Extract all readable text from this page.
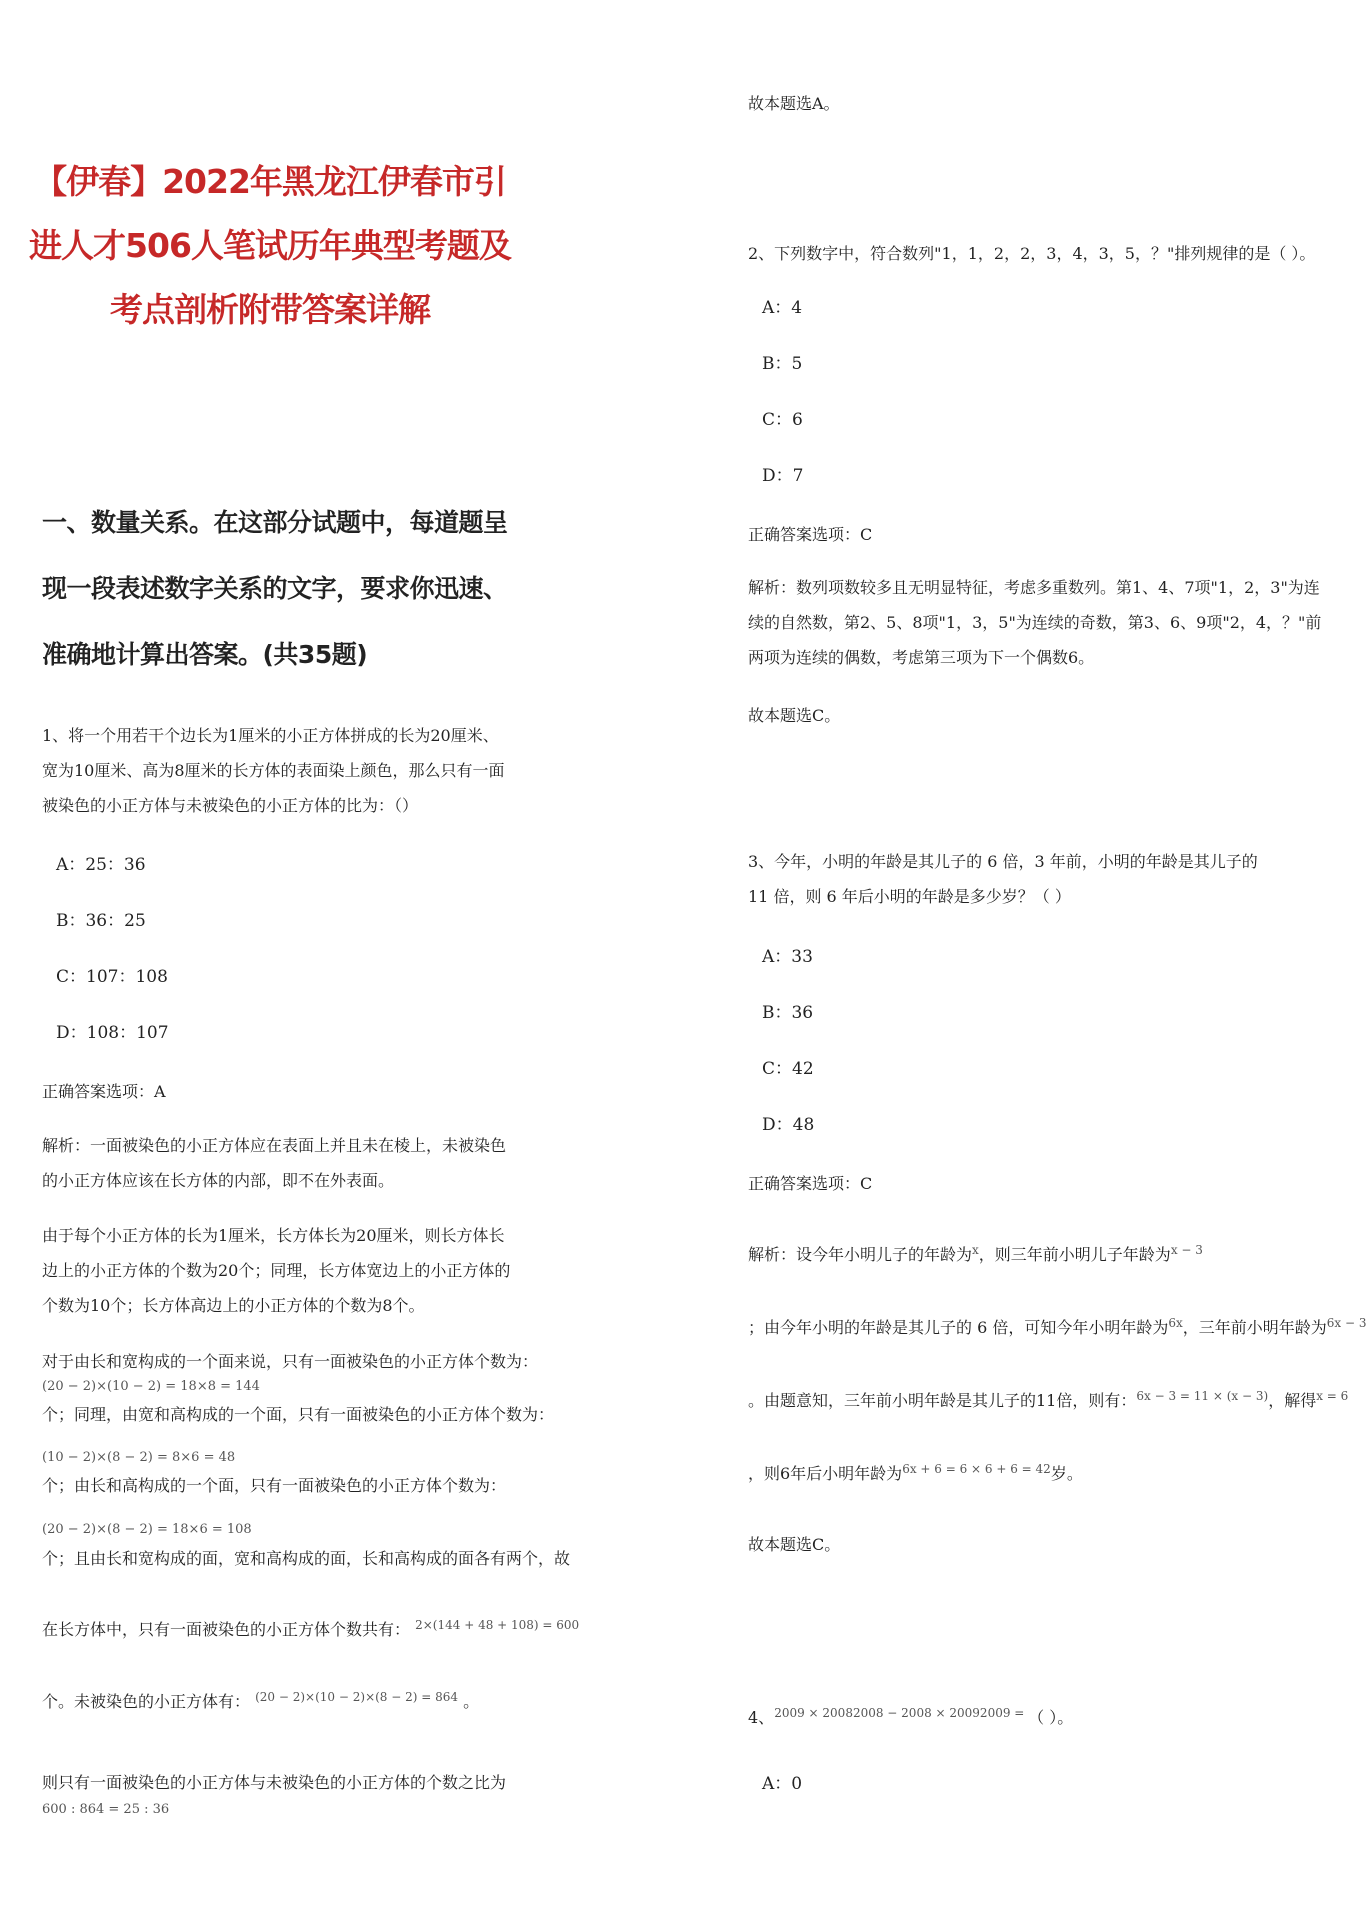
【伊春】2022年黑龙江伊春市引进人才506人笔试历年典型考题及考点剖析附带答案详解
一、数量关系。在这部分试题中，每道题呈现一段表述数字关系的文字，要求你迅速、准确地计算出答案。(共35题)
1、将一个用若干个边长为1厘米的小正方体拼成的长为20厘米、宽为10厘米、高为8厘米的长方体的表面染上颜色，那么只有一面被染色的小正方体与未被染色的小正方体的比为：（）
A：25：36
B：36：25
C：107：108
D：108：107
正确答案选项：A
解析：一面被染色的小正方体应在表面上并且未在棱上，未被染色的小正方体应该在长方体的内部，即不在外表面。
由于每个小正方体的长为1厘米，长方体长为20厘米，则长方体长边上的小正方体的个数为20个；同理，长方体宽边上的小正方体的个数为10个；长方体高边上的小正方体的个数为8个。
对于由长和宽构成的一个面来说，只有一面被染色的小正方体个数为：
(20 − 2)×(10 − 2) = 18×8 = 144
个；同理，由宽和高构成的一个面，只有一面被染色的小正方体个数为：
(10 − 2)×(8 − 2) = 8×6 = 48
个；由长和高构成的一个面，只有一面被染色的小正方体个数为：
(20 − 2)×(8 − 2) = 18×6 = 108
个；且由长和宽构成的面，宽和高构成的面，长和高构成的面各有两个，故
在长方体中，只有一面被染色的小正方体个数共有： $^{2\times(144 + 48 + 108) = 600}$
个。未被染色的小正方体有： $^{(20 - 2)\times(10 - 2)\times(8 - 2) = 864}$ 。
则只有一面被染色的小正方体与未被染色的小正方体的个数之比为
600 : 864 = 25 : 36
故本题选A。
2、下列数字中，符合数列"1，1，2，2，3，4，3，5，？"排列规律的是（ ）。
A：4
B：5
C：6
D：7
正确答案选项：C
解析：数列项数较多且无明显特征，考虑多重数列。第1、4、7项"1，2，3"为连续的自然数，第2、5、8项"1，3，5"为连续的奇数，第3、6、9项"2，4，？"前两项为连续的偶数，考虑第三项为下一个偶数6。
故本题选C。
3、今年，小明的年龄是其儿子的 6 倍，3 年前，小明的年龄是其儿子的 11 倍，则 6 年后小明的年龄是多少岁？（ ）
A：33
B：36
C：42
D：48
正确答案选项：C
解析：设今年小明儿子的年龄为$^x$，则三年前小明儿子年龄为$^{x - 3}$
；由今年小明的年龄是其儿子的 6 倍，可知今年小明年龄为$^{6x}$，三年前小明年龄为$^{6x - 3}$
。由题意知，三年前小明年龄是其儿子的11倍，则有：$^{6x - 3 = 11 \times (x - 3)}$，解得$^{x = 6}$
，则6年后小明年龄为$^{6x + 6 = 6 \times 6 + 6 = 42}$岁。
故本题选C。
4、$^{2009 \times 20082008 - 2008 \times 20092009 =}$ （ ）。
A：0
